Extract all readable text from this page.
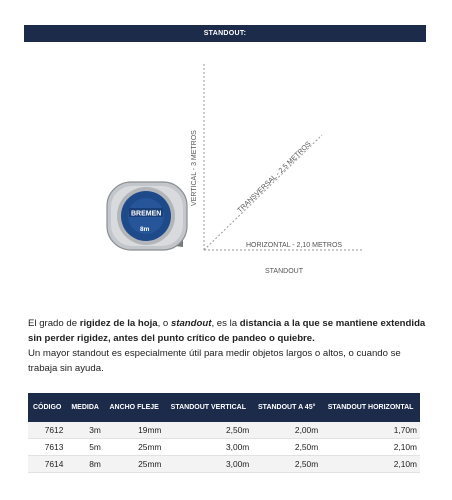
STANDOUT:
VERTICAL - 3 METROS	TRANSVERSAL - 2,5 METROS
HORIZONTAL - 2,10 METROS
STANDOUT
BREMEN
8m
El grado de rigidez de la hoja, o standout, es la distancia a la que se mantiene extendida sin perder rigidez, antes del punto crítico de pandeo o quiebre.
Un mayor standout es especialmente útil para medir objetos largos o altos, o cuando se trabaja sin ayuda.
CÓDIGO	MEDIDA	ANCHO FLEJE	STANDOUT VERTICAL	STANDOUT A 45°	STANDOUT HORIZONTAL
7612	3m	19mm	2,50m	2,00m	1,70m
7613	5m	25mm	3,00m	2,50m	2,10m
7614	8m	25mm	3,00m	2,50m	2,10m
